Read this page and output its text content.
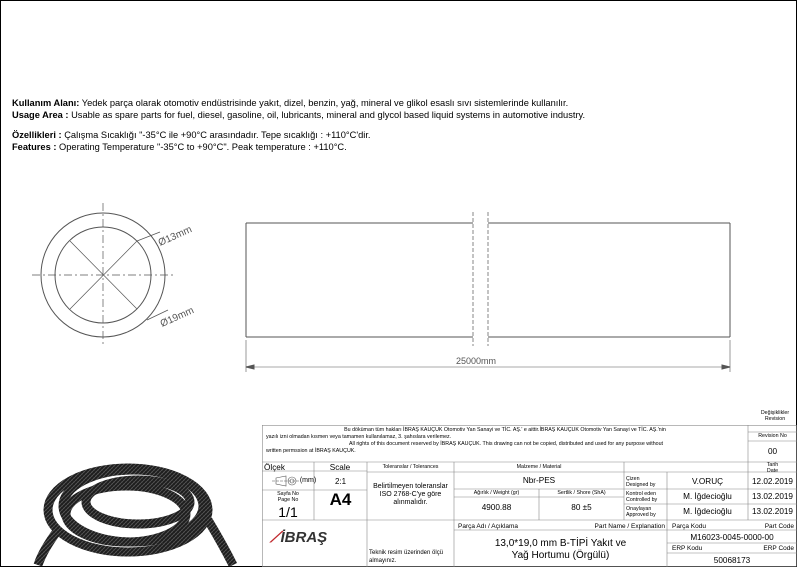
Kullanım Alanı: Yedek parça olarak otomotiv endüstrisinde yakıt, dizel, benzin, yağ, mineral ve glikol esaslı sıvı sistemlerinde kullanılır.
Usage Area : Usable as spare parts for fuel, diesel, gasoline, oil, lubricants, mineral and glycol based liquid systems in automotive industry.
Özellikleri : Çalışma Sıcaklığı "-35°C ile +90°C arasındadır. Tepe sıcaklığı : +110°C'dir.
Features : Operating Temperature "-35°C to +90°C". Peak temperature : +110°C.
Ø13mm
Ø19mm
25000mm
Değişiklikler
Revision
Bu döküman tüm hakları İBRAŞ KAUÇUK Otomotiv Yan Sanayi ve TİC. AŞ.' e aittir.İBRAŞ KAUÇUK Otomotiv Yan Sanayi ve TİC. AŞ.'nin
yazılı izni olmadan kısmen veya tamamen kullanılamaz, 3. şahıslara verilemez.
All rights of this document reserved by İBRAŞ KAUÇUK. This drawing can not be copied, distributed and used for any purpose without
written permssion at İBRAŞ KAUÇUK.
Revision No
00
Tarih
Date
Ölçek	Scale
(mm)	2:1
Sayfa No
Page No
1/1
A4
⟋İBRAŞ
Toleranslar / Tolerances
Belirtilmeyen toleranslar
ISO 2768-C'ye göre
alınmalıdır.
Malzeme / Material
Nbr-PES
Ağırlık / Weight (gr)
4900.88
Sertlik / Shore (ShA)
80 ±5
Çizen
Designed by	V.ORUÇ	12.02.2019
Kontrol eden
Controlled by	M. İğdecioğlu	13.02.2019
Onaylayan
Approved by	M. İğdecioğlu	13.02.2019
Parça Adı / Açıklama	Part Name / Explanation
13,0*19,0 mm B-TİPİ Yakıt ve
Yağ Hortumu (Örgülü)
Parça Kodu	Part Code
M16023-0045-0000-00
ERP Kodu	ERP Code
50068173
Teknik resim üzerinden ölçü
almayınız.
